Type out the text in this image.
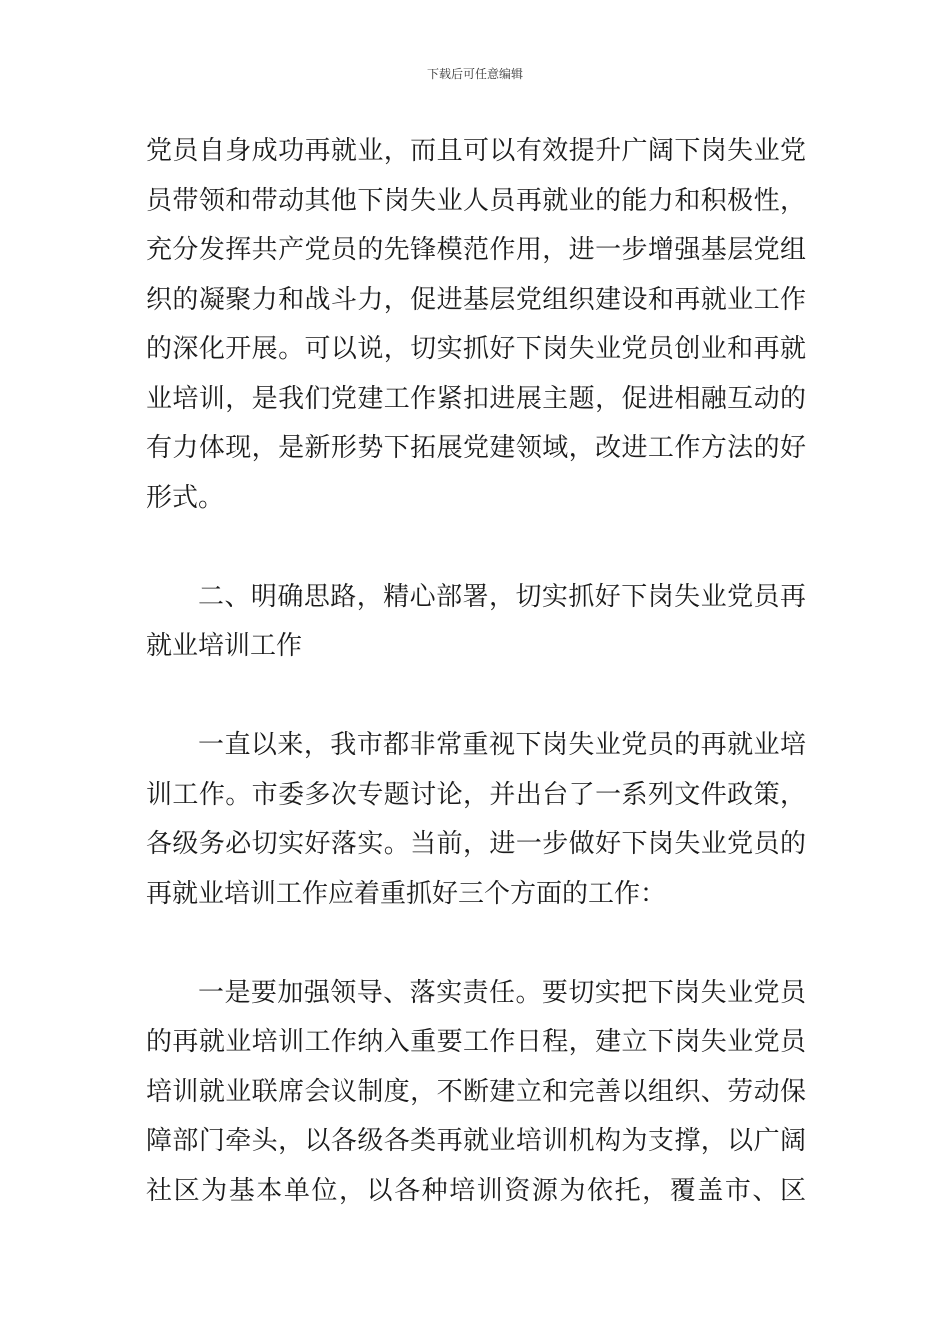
下载后可任意编辑
党员自身成功再就业，而且可以有效提升广阔下岗失业党
员带领和带动其他下岗失业人员再就业的能力和积极性，
充分发挥共产党员的先锋模范作用，进一步增强基层党组
织的凝聚力和战斗力，促进基层党组织建设和再就业工作
的深化开展。可以说，切实抓好下岗失业党员创业和再就
业培训，是我们党建工作紧扣进展主题，促进相融互动的
有力体现，是新形势下拓展党建领域，改进工作方法的好
形式。
二、明确思路，精心部署，切实抓好下岗失业党员再
就业培训工作
一直以来，我市都非常重视下岗失业党员的再就业培
训工作。市委多次专题讨论，并出台了一系列文件政策，
各级务必切实好落实。当前，进一步做好下岗失业党员的
再就业培训工作应着重抓好三个方面的工作：
一是要加强领导、落实责任。要切实把下岗失业党员
的再就业培训工作纳入重要工作日程，建立下岗失业党员
培训就业联席会议制度，不断建立和完善以组织、劳动保
障部门牵头，以各级各类再就业培训机构为支撑，以广阔
社区为基本单位，以各种培训资源为依托，覆盖市、区
